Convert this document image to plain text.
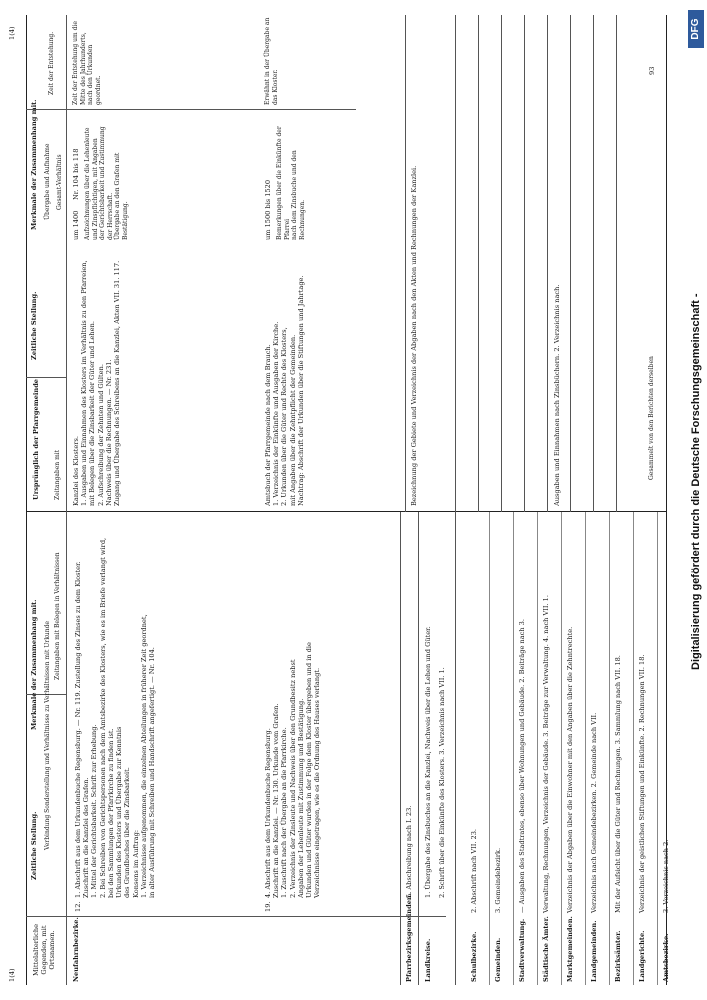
1(4)
1(4)
Mittelalterliche Gegenden, mit Ortsnamen.
Zeitliche Stellung.
Merkmale der Zusammenhang mit. Verbindung Sonderstellung und Verhältnisse zu Verhältnissen mit Urkunde
Zeitangaben mit Belegen in Verhältnissen
Neufahrnbezirke.
12.
1. Abschrift aus dem Urkundenbuche Regensburg. — Nr. 119. Zustellung des Zinses zu dem Kloster.
Zuschrift an die Kanzlei des Grafen.
1. Mittel der Gerichtsbarkeit. Schrift zur Erhebung.
2. Bei Schreiben von Gerichtspersonen nach dem Amtsbezirke des Klosters, wie es im Briefe verlangt wird,
bei den Sammlungen der Pfarrkirche zu finden ist.
Urkunden des Klosters und Übergabe zur Kenntnis
des Grundbuches über die Zinsbarkeit.
Konsens im Auftrag:
1. Verzeichnisse aufgenommen, die einzelnen Abteilungen in früherer Zeit geordnet,
in alter Ausführung mit Schreiben und Handschrift angefertigt. — Nr. 104.
19.
4. Abschrift aus dem Urkundenbuche Regensburg.
Zuschrift an die Kanzlei. — Nr. 130. Urkunde vom Grafen.
1. Zuschrift nach der Übergabe an die Pfarrkirche.
2. Verzeichnis der Zinsleute und Nachweis über den Grundbesitz nebst
Angaben der Lehenleute mit Zustimmung und Bestätigung.
Urkunden und Güter wurden in der Folge dem Kloster übergeben und in die
Verzeichnisse eingetragen, wie es die Ordnung des Hauses verlangt.
Pfarrbezirksgemeinden.
5. Abschreibung nach I. 23.
Landkreise.
1. Übergabe des Zinsbuches an die Kanzlei, Nachweis über die Lehen und Güter. 2. Schrift über die Einkünfte des Klosters. 3. Verzeichnis nach VII. 1.
Schulbezirke.
2. Abschrift nach VII. 23.
Gemeinden.
3. Gemeindebezirk.
Stadtverwaltung.
— Ausgaben des Stadtrates, ebenso über Wohnungen und Gebäude. 2. Beiträge nach 3.
Städtische Ämter.
Verwaltung, Rechnungen, Verzeichnis der Gebäude. 3. Beiträge zur Verwaltung. 4. nach VII. 1.
Marktgemeinden.
Verzeichnis der Abgaben über die Einwohner mit den Angaben über die Zehntrechte.
Landgemeinden.
Verzeichnis nach Gemeindebezirken. 2. Gemeinde nach VII.
Bezirksämter.
Mit der Aufsicht über die Güter und Rechnungen. 3. Sammlung nach VII. 18.
Landgerichte.
Verzeichnis der geistlichen Stiftungen und Einkünfte. 2. Rechnungen VII. 18.
Amtsbezirke.
3. Verzeichnis nach 2.
Ursprünglich der Pfarrgemeinde Zeitangaben mit
Zeitliche Stellung.
Merkmale der Zusammenhang mit. Übergabe und Aufnahme Gesamt-Verhältnis
Zeit der Entstehung.
Kanzlei des Klosters.
1. Ausgaben und Einnahmen des Klosters im Verhältnis zu den Pfarreien,
mit Belegen über die Zinsbarkeit der Güter und Lehen.
2. Aufschreibung der Zehnten und Gülten.
Nachweis über die Rechnungen. — Nr. 231.
Zugang und Übergabe des Schreibens an die Kanzlei, Akten VII. 31. 117.
um 1400
Nr. 104 bis 118
Aufzeichnungen über die Lehenleute und Zinspflichtigen, mit Angaben
der Gerichtsbarkeit und Zustimmung der Herrschaft.
Übergabe an den Grafen mit Bestätigung.
Zeit der Entstehung um die Mitte des Jahrhunderts, nach den Urkunden geordnet.
Amtsbuch der Pfarrgemeinde nach dem Brauch.
1. Verzeichnis der Einkünfte und Ausgaben der Kirche.
2. Urkunden über die Güter und Rechte des Klosters,
mit Angaben über die Zehntpflicht der Gemeinden.
Nachtrag: Abschrift der Urkunden über die Stiftungen und Jahrtage.
um 1500 bis 1520 Bemerkungen über die Einkünfte der Pfarrei
nach dem Zinsbuche und den Rechnungen.
Erwähnt in der Übergabe an das Kloster.
Bezeichnung der Gebiete und Verzeichnis der Abgaben nach den Akten und Rechnungen der Kanzlei.	Ausgaben und Einnahmen nach Zinsbüchern. 2. Verzeichnis nach.	Gesammelt von den Berichten derselben
93
Digitalisierung gefördert durch die Deutsche Forschungsgemeinschaft -
DFG
